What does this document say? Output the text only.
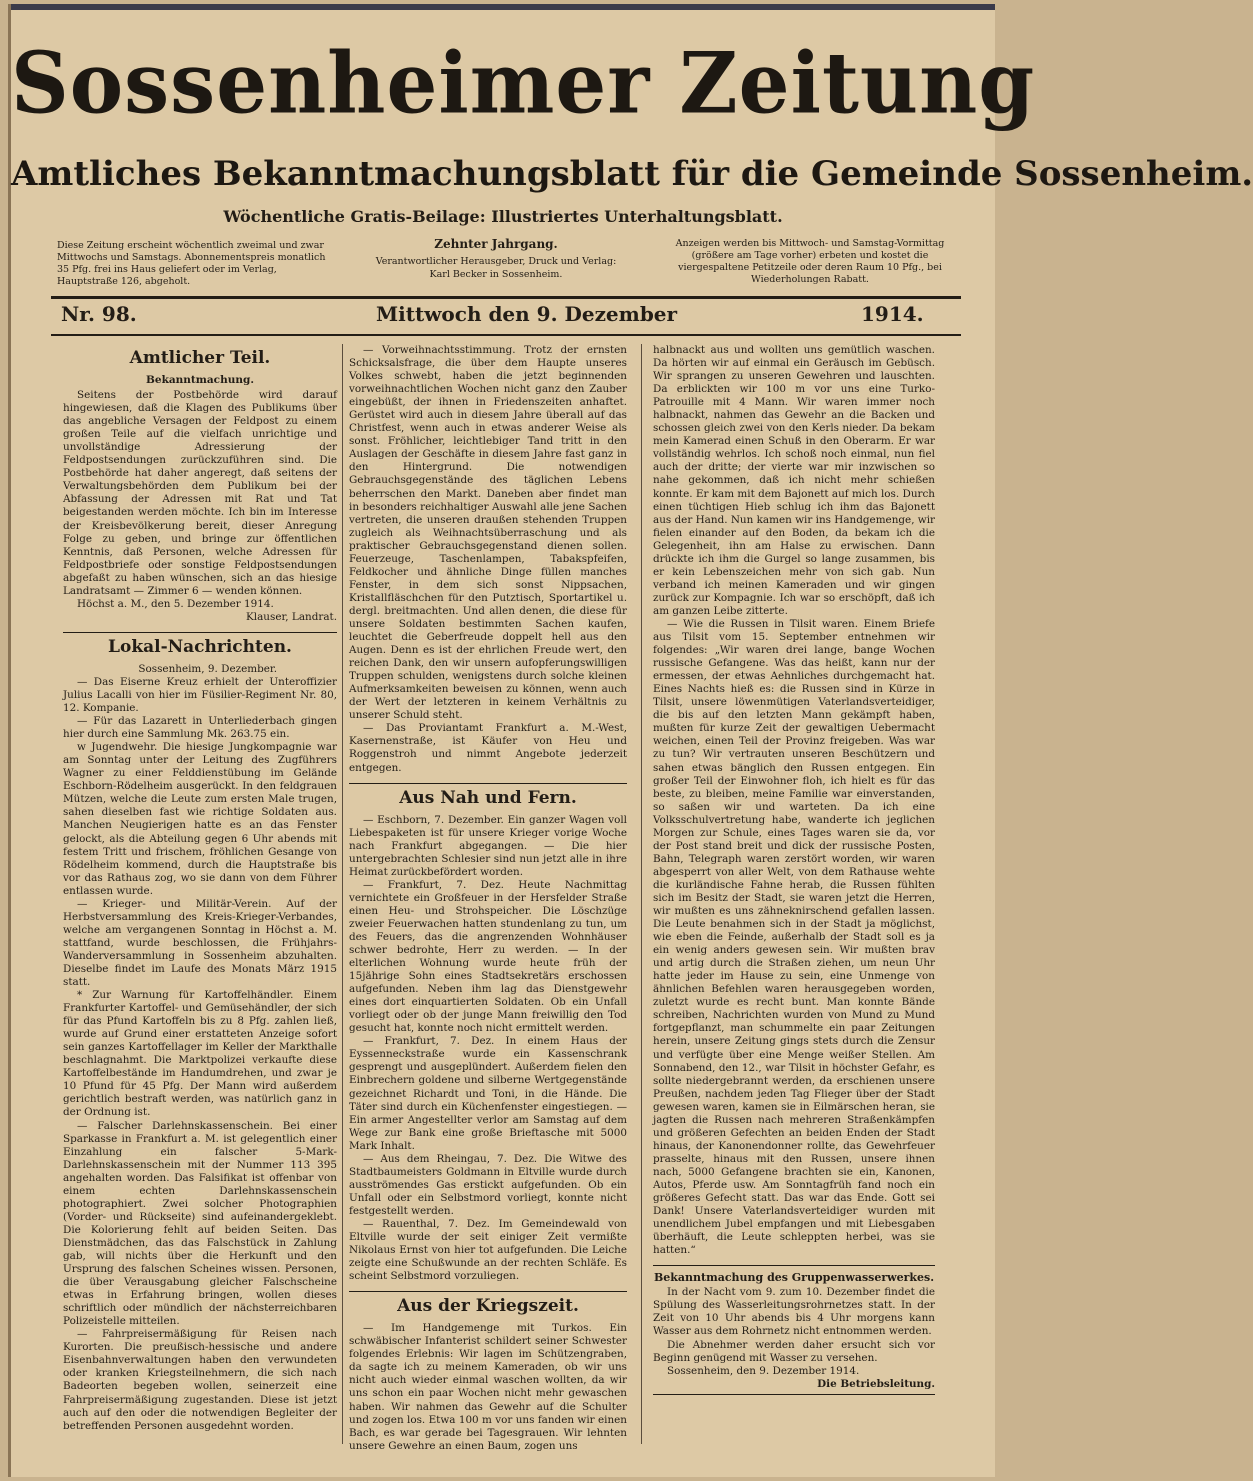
Sossenheimer Zeitung
Amtliches Bekanntmachungsblatt für die Gemeinde Sossenheim.
Wöchentliche Gratis-Beilage: Illustriertes Unterhaltungsblatt.
Diese Zeitung erscheint wöchentlich zweimal und zwar Mittwochs und Samstags. Abonnementspreis monatlich 35 Pfg. frei ins Haus geliefert oder im Verlag, Hauptstraße 126, abgeholt.
Zehnter Jahrgang.
Verantwortlicher Herausgeber, Druck und Verlag: Karl Becker in Sossenheim.
Anzeigen werden bis Mittwoch- und Samstag-Vormittag (größere am Tage vorher) erbeten und kostet die viergespaltene Petitzeile oder deren Raum 10 Pfg., bei Wiederholungen Rabatt.
Nr. 98.	Mittwoch den 9. Dezember	1914.
Amtlicher Teil.
Bekanntmachung.

Seitens der Postbehörde wird darauf hingewiesen, daß die Klagen des Publikums über das angebliche Versagen der Feldpost zu einem großen Teile auf die vielfach unrichtige und unvollständige Adressierung der Feldpostsendungen zurückzuführen sind. Die Postbehörde hat daher angeregt, daß seitens der Verwaltungsbehörden dem Publikum bei der Abfassung der Adressen mit Rat und Tat beigestanden werden möchte. Ich bin im Interesse der Kreisbevölkerung bereit, dieser Anregung Folge zu geben, und bringe zur öffentlichen Kenntnis, daß Personen, welche Adressen für Feldpostbriefe oder sonstige Feldpostsendungen abgefaßt zu haben wünschen, sich an das hiesige Landratsamt — Zimmer 6 — wenden können.

Höchst a. M., den 5. Dezember 1914.

Klauser, Landrat.
Lokal-Nachrichten.
Sossenheim, 9. Dezember.

— Das Eiserne Kreuz erhielt der Unteroffizier Julius Lacalli von hier im Füsilier-Regiment Nr. 80, 12. Kompanie.

— Für das Lazarett in Unterliederbach gingen hier durch eine Sammlung Mk. 263.75 ein.

w Jugendwehr. Die hiesige Jungkompagnie war am Sonntag unter der Leitung des Zugführers Wagner zu einer Felddienstübung im Gelände Eschborn-Rödelheim ausgerückt. In den feldgrauen Mützen, welche die Leute zum ersten Male trugen, sahen dieselben fast wie richtige Soldaten aus. Manchen Neugierigen hatte es an das Fenster gelockt, als die Abteilung gegen 6 Uhr abends mit festem Tritt und frischem, fröhlichen Gesange von Rödelheim kommend, durch die Hauptstraße bis vor das Rathaus zog, wo sie dann von dem Führer entlassen wurde.

— Krieger- und Militär-Verein. Auf der Herbstversammlung des Kreis-Krieger-Verbandes, welche am vergangenen Sonntag in Höchst a. M. stattfand, wurde beschlossen, die Frühjahrs-Wanderversammlung in Sossenheim abzuhalten. Dieselbe findet im Laufe des Monats März 1915 statt.

* Zur Warnung für Kartoffelhändler. Einem Frankfurter Kartoffel- und Gemüsehändler, der sich für das Pfund Kartoffeln bis zu 8 Pfg. zahlen ließ, wurde auf Grund einer erstatteten Anzeige sofort sein ganzes Kartoffellager im Keller der Markthalle beschlagnahmt. Die Marktpolizei verkaufte diese Kartoffelbestände im Handumdrehen, und zwar je 10 Pfund für 45 Pfg. Der Mann wird außerdem gerichtlich bestraft werden, was natürlich ganz in der Ordnung ist.

— Falscher Darlehnskassenschein. Bei einer Sparkasse in Frankfurt a. M. ist gelegentlich einer Einzahlung ein falscher 5-Mark-Darlehnskassenschein mit der Nummer 113 395 angehalten worden. Das Falsifikat ist offenbar von einem echten Darlehnskassenschein photographiert. Zwei solcher Photographien (Vorder- und Rückseite) sind aufeinandergeklebt. Die Kolorierung fehlt auf beiden Seiten. Das Dienstmädchen, das das Falschstück in Zahlung gab, will nichts über die Herkunft und den Ursprung des falschen Scheines wissen. Personen, die über Verausgabung gleicher Falschscheine etwas in Erfahrung bringen, wollen dieses schriftlich oder mündlich der nächsterreichbaren Polizeistelle mitteilen.

— Fahrpreisermäßigung für Reisen nach Kurorten. Die preußisch-hessische und andere Eisenbahnverwaltungen haben den verwundeten oder kranken Kriegsteilnehmern, die sich nach Badeorten begeben wollen, seinerzeit eine Fahrpreisermäßigung zugestanden. Diese ist jetzt auch auf den oder die notwendigen Begleiter der betreffenden Personen ausgedehnt worden.

— Vorweihnachtsstimmung. Trotz der ernsten Schicksalsfrage, die über dem Haupte unseres Volkes schwebt, haben die jetzt beginnenden vorweihnachtlichen Wochen nicht ganz den Zauber eingebüßt, der ihnen in Friedenszeiten anhaftet. Gerüstet wird auch in diesem Jahre überall auf das Christfest, wenn auch in etwas anderer Weise als sonst. Fröhlicher, leichtlebiger Tand tritt in den Auslagen der Geschäfte in diesem Jahre fast ganz in den Hintergrund. Die notwendigen Gebrauchsgegenstände des täglichen Lebens beherrschen den Markt. Daneben aber findet man in besonders reichhaltiger Auswahl alle jene Sachen vertreten, die unseren draußen stehenden Truppen zugleich als Weihnachtsüberraschung und als praktischer Gebrauchsgegenstand dienen sollen. Feuerzeuge, Taschenlampen, Tabakspfeifen, Feldkocher und ähnliche Dinge füllen manches Fenster, in dem sich sonst Nippsachen, Kristallfläschchen für den Putztisch, Sportartikel u. dergl. breitmachten. Und allen denen, die diese für unsere Soldaten bestimmten Sachen kaufen, leuchtet die Geberfreude doppelt hell aus den Augen. Denn es ist der ehrlichen Freude wert, den reichen Dank, den wir unsern aufopferungswilligen Truppen schulden, wenigstens durch solche kleinen Aufmerksamkeiten beweisen zu können, wenn auch der Wert der letzteren in keinem Verhältnis zu unserer Schuld steht.

— Das Proviantamt Frankfurt a. M.-West, Kasernenstraße, ist Käufer von Heu und Roggenstroh und nimmt Angebote jederzeit entgegen.

Aus Nah und Fern.

— Eschborn, 7. Dezember. Ein ganzer Wagen voll Liebespaketen ist für unsere Krieger vorige Woche nach Frankfurt abgegangen. — Die hier untergebrachten Schlesier sind nun jetzt alle in ihre Heimat zurückbefördert worden.

— Frankfurt, 7. Dez. Heute Nachmittag vernichtete ein Großfeuer in der Hersfelder Straße einen Heu- und Strohspeicher. Die Löschzüge zweier Feuerwachen hatten stundenlang zu tun, um des Feuers, das die angrenzenden Wohnhäuser schwer bedrohte, Herr zu werden. — In der elterlichen Wohnung wurde heute früh der 15jährige Sohn eines Stadtsekretärs erschossen aufgefunden. Neben ihm lag das Dienstgewehr eines dort einquartierten Soldaten. Ob ein Unfall vorliegt oder ob der junge Mann freiwillig den Tod gesucht hat, konnte noch nicht ermittelt werden.

— Frankfurt, 7. Dez. In einem Haus der Eyssenneckstraße wurde ein Kassenschrank gesprengt und ausgeplündert. Außerdem fielen den Einbrechern goldene und silberne Wertgegenstände gezeichnet Richardt und Toni, in die Hände. Die Täter sind durch ein Küchenfenster eingestiegen. — Ein armer Angestellter verlor am Samstag auf dem Wege zur Bank eine große Brieftasche mit 5000 Mark Inhalt.

— Aus dem Rheingau, 7. Dez. Die Witwe des Stadtbaumeisters Goldmann in Eltville wurde durch ausströmendes Gas erstickt aufgefunden. Ob ein Unfall oder ein Selbstmord vorliegt, konnte nicht festgestellt werden.

— Rauenthal, 7. Dez. Im Gemeindewald von Eltville wurde der seit einiger Zeit vermißte Nikolaus Ernst von hier tot aufgefunden. Die Leiche zeigte eine Schußwunde an der rechten Schläfe. Es scheint Selbstmord vorzuliegen.

Aus der Kriegszeit.

— Im Handgemenge mit Turkos. Ein schwäbischer Infanterist schildert seiner Schwester folgendes Erlebnis: Wir lagen im Schützengraben, da sagte ich zu meinem Kameraden, ob wir uns nicht auch wieder einmal waschen wollten, da wir uns schon ein paar Wochen nicht mehr gewaschen haben. Wir nahmen das Gewehr auf die Schulter und zogen los. Etwa 100 m vor uns fanden wir einen Bach, es war gerade bei Tagesgrauen. Wir lehnten unsere Gewehre an einen Baum, zogen uns

halbnackt aus und wollten uns gemütlich waschen. Da hörten wir auf einmal ein Geräusch im Gebüsch. Wir sprangen zu unseren Gewehren und lauschten. Da erblickten wir 100 m vor uns eine Turko-Patrouille mit 4 Mann. Wir waren immer noch halbnackt, nahmen das Gewehr an die Backen und schossen gleich zwei von den Kerls nieder. Da bekam mein Kamerad einen Schuß in den Oberarm. Er war vollständig wehrlos. Ich schoß noch einmal, nun fiel auch der dritte; der vierte war mir inzwischen so nahe gekommen, daß ich nicht mehr schießen konnte. Er kam mit dem Bajonett auf mich los. Durch einen tüchtigen Hieb schlug ich ihm das Bajonett aus der Hand. Nun kamen wir ins Handgemenge, wir fielen einander auf den Boden, da bekam ich die Gelegenheit, ihn am Halse zu erwischen. Dann drückte ich ihm die Gurgel so lange zusammen, bis er kein Lebenszeichen mehr von sich gab. Nun verband ich meinen Kameraden und wir gingen zurück zur Kompagnie. Ich war so erschöpft, daß ich am ganzen Leibe zitterte.

— Wie die Russen in Tilsit waren. Einem Briefe aus Tilsit vom 15. September entnehmen wir folgendes: „Wir waren drei lange, bange Wochen russische Gefangene. Was das heißt, kann nur der ermessen, der etwas Aehnliches durchgemacht hat. Eines Nachts hieß es: die Russen sind in Kürze in Tilsit, unsere löwenmütigen Vaterlandsverteidiger, die bis auf den letzten Mann gekämpft haben, mußten für kurze Zeit der gewaltigen Uebermacht weichen, einen Teil der Provinz freigeben. Was war zu tun? Wir vertrauten unseren Beschützern und sahen etwas bänglich den Russen entgegen. Ein großer Teil der Einwohner floh, ich hielt es für das beste, zu bleiben, meine Familie war einverstanden, so saßen wir und warteten. Da ich eine Volksschulvertretung habe, wanderte ich jeglichen Morgen zur Schule, eines Tages waren sie da, vor der Post stand breit und dick der russische Posten, Bahn, Telegraph waren zerstört worden, wir waren abgesperrt von aller Welt, von dem Rathause wehte die kurländische Fahne herab, die Russen fühlten sich im Besitz der Stadt, sie waren jetzt die Herren, wir mußten es uns zähneknirschend gefallen lassen. Die Leute benahmen sich in der Stadt ja möglichst, wie eben die Feinde, außerhalb der Stadt soll es ja ein wenig anders gewesen sein. Wir mußten brav und artig durch die Straßen ziehen, um neun Uhr hatte jeder im Hause zu sein, eine Unmenge von ähnlichen Befehlen waren herausgegeben worden, zuletzt wurde es recht bunt. Man konnte Bände schreiben, Nachrichten wurden von Mund zu Mund fortgepflanzt, man schummelte ein paar Zeitungen herein, unsere Zeitung gings stets durch die Zensur und verfügte über eine Menge weißer Stellen. Am Sonnabend, den 12., war Tilsit in höchster Gefahr, es sollte niedergebrannt werden, da erschienen unsere Preußen, nachdem jeden Tag Flieger über der Stadt gewesen waren, kamen sie in Eilmärschen heran, sie jagten die Russen nach mehreren Straßenkämpfen und größeren Gefechten an beiden Enden der Stadt hinaus, der Kanonendonner rollte, das Gewehrfeuer prasselte, hinaus mit den Russen, unsere ihnen nach, 5000 Gefangene brachten sie ein, Kanonen, Autos, Pferde usw. Am Sonntagfrüh fand noch ein größeres Gefecht statt. Das war das Ende. Gott sei Dank! Unsere Vaterlandsverteidiger wurden mit unendlichem Jubel empfangen und mit Liebesgaben überhäuft, die Leute schleppten herbei, was sie hatten.“

Bekanntmachung des Gruppenwasserwerkes.

In der Nacht vom 9. zum 10. Dezember findet die Spülung des Wasserleitungsrohrnetzes statt. In der Zeit von 10 Uhr abends bis 4 Uhr morgens kann Wasser aus dem Rohrnetz nicht entnommen werden.

Die Abnehmer werden daher ersucht sich vor Beginn genügend mit Wasser zu versehen.

Sossenheim, den 9. Dezember 1914.

Die Betriebsleitung.
